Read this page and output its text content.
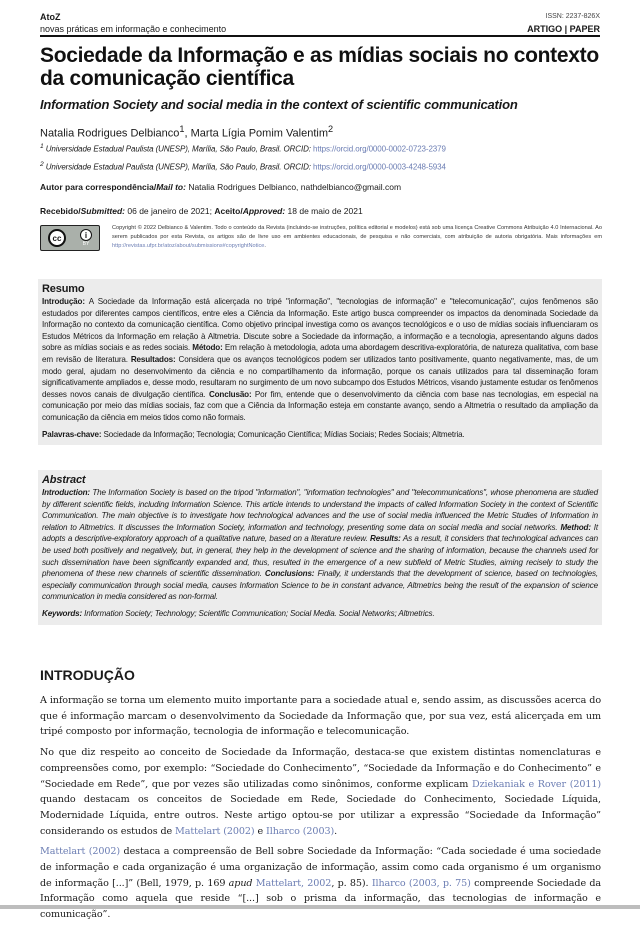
AtoZ
novas práticas em informação e conhecimento
ISSN: 2237-826X
ARTIGO | PAPER
Sociedade da Informação e as mídias sociais no contexto da comunicação científica
Information Society and social media in the context of scientific communication
Natalia Rodrigues Delbianco$^1$, Marta Lígia Pomim Valentim$^2$
$^1$ Universidade Estadual Paulista (UNESP), Marília, São Paulo, Brasil. ORCID: https://orcid.org/0000-0002-0723-2379
$^2$ Universidade Estadual Paulista (UNESP), Marília, São Paulo, Brasil. ORCID: https://orcid.org/0000-0003-4248-5934
Autor para correspondência/Mail to: Natalia Rodrigues Delbianco, nathdelbianco@gmail.com
Recebido/Submitted: 06 de janeiro de 2021; Aceito/Approved: 18 de maio de 2021
cc	i
BY
Copyright © 2022 Delbianco & Valentim. Todo o conteúdo da Revista (incluindo-se instruções, política editorial e modelos) está sob uma licença Creative Commons Atribuição 4.0 Internacional. Ao serem publicados por esta Revista, os artigos são de livre uso em ambientes educacionais, de pesquisa e não comerciais, com atribuição de autoria obrigatória. Mais informações em http://revistas.ufpr.br/atoz/about/submissions#copyrightNotice.
Resumo
Introdução: A Sociedade da Informação está alicerçada no tripé "informação", "tecnologias de informação" e "telecomunicação", cujos fenômenos são estudados por diferentes campos científicos, entre eles a Ciência da Informação. Este artigo busca compreender os impactos da denominada Sociedade da Informação no contexto da comunicação científica. Como objetivo principal investiga como os avanços tecnológicos e o uso de mídias sociais influenciaram os Estudos Métricos da Informação em relação à Altmetria. Discute sobre a Sociedade da informação, a informação e a tecnologia, apresentando alguns dados sobre as mídias sociais e as redes sociais. Método: Em relação à metodologia, adota uma abordagem descritiva-exploratória, de natureza qualitativa, com base em revisão de literatura. Resultados: Considera que os avanços tecnológicos podem ser utilizados tanto positivamente, quanto negativamente, mas, de um modo geral, ajudam no desenvolvimento da ciência e no compartilhamento da informação, porque os canais utilizados para tal disseminação foram significativamente ampliados e, desse modo, resultaram no surgimento de um novo subcampo dos Estudos Métricos, visando justamente estudar os fenômenos desses novos canais de divulgação científica. Conclusão: Por fim, entende que o desenvolvimento da ciência com base nas tecnologias, em especial na comunicação por meio das mídias sociais, faz com que a Ciência da Informação esteja em constante avanço, sendo a Altmetria o resultado da ampliação da comunicação da ciência em meios tidos como não formais.
Palavras-chave: Sociedade da Informação; Tecnologia; Comunicação Científica; Mídias Sociais; Redes Sociais; Altmetria.
Abstract
Introduction: The Information Society is based on the tripod "information", "information technologies" and "telecommunications", whose phenomena are studied by different scientific fields, including Information Science. This article intends to understand the impacts of called Information Society in the context of Scientific Communication. The main objective is to investigate how technological advances and the use of social media influenced the Metric Studies of Information in relation to Altmetrics. It discusses the Information Society, information and technology, presenting some data on social media and social networks. Method: It adopts a descriptive-exploratory approach of a qualitative nature, based on a literature review. Results: As a result, it considers that technological advances can be used both positively and negatively, but, in general, they help in the development of science and the sharing of information, because the channels used for such dissemination have been significantly expanded and, thus, resulted in the emergence of a new subfield of Metric Studies, aiming recisely to study the phenomena of these new channels of scientific dissemination. Conclusions: Finally, it understands that the development of science, based on technologies, especially communication through social media, causes Information Science to be in constant advance, Altmetrics being the result of the expansion of science communication in media considered as non-formal.
Keywords: Information Society; Technology; Scientific Communication; Social Media. Social Networks; Altmetrics.
INTRODUÇÃO

A informação se torna um elemento muito importante para a sociedade atual e, sendo assim, as discussões acerca do que é informação marcam o desenvolvimento da Sociedade da Informação que, por sua vez, está alicerçada em um tripé composto por informação, tecnologia de informação e telecomunicação.

No que diz respeito ao conceito de Sociedade da Informação, destaca-se que existem distintas nomenclaturas e compreensões como, por exemplo: “Sociedade do Conhecimento”, “Sociedade da Informação e do Conhecimento” e “Sociedade em Rede”, que por vezes são utilizadas como sinônimos, conforme explicam Dziekaniak e Rover (2011) quando destacam os conceitos de Sociedade em Rede, Sociedade do Conhecimento, Sociedade Líquida, Modernidade Líquida, entre outros. Neste artigo optou-se por utilizar a expressão “Sociedade da Informação” considerando os estudos de Mattelart (2002) e Ilharco (2003).

Mattelart (2002) destaca a compreensão de Bell sobre Sociedade da Informação: “Cada sociedade é uma sociedade de informação e cada organização é uma organização de informação, assim como cada organismo é um organismo de informação [...]” (Bell, 1979, p. 169 apud Mattelart, 2002, p. 85). Ilharco (2003, p. 75) compreende Sociedade da Informação como aquela que reside “[...] sob o prisma da informação, das tecnologias de informação e comunicação”.
